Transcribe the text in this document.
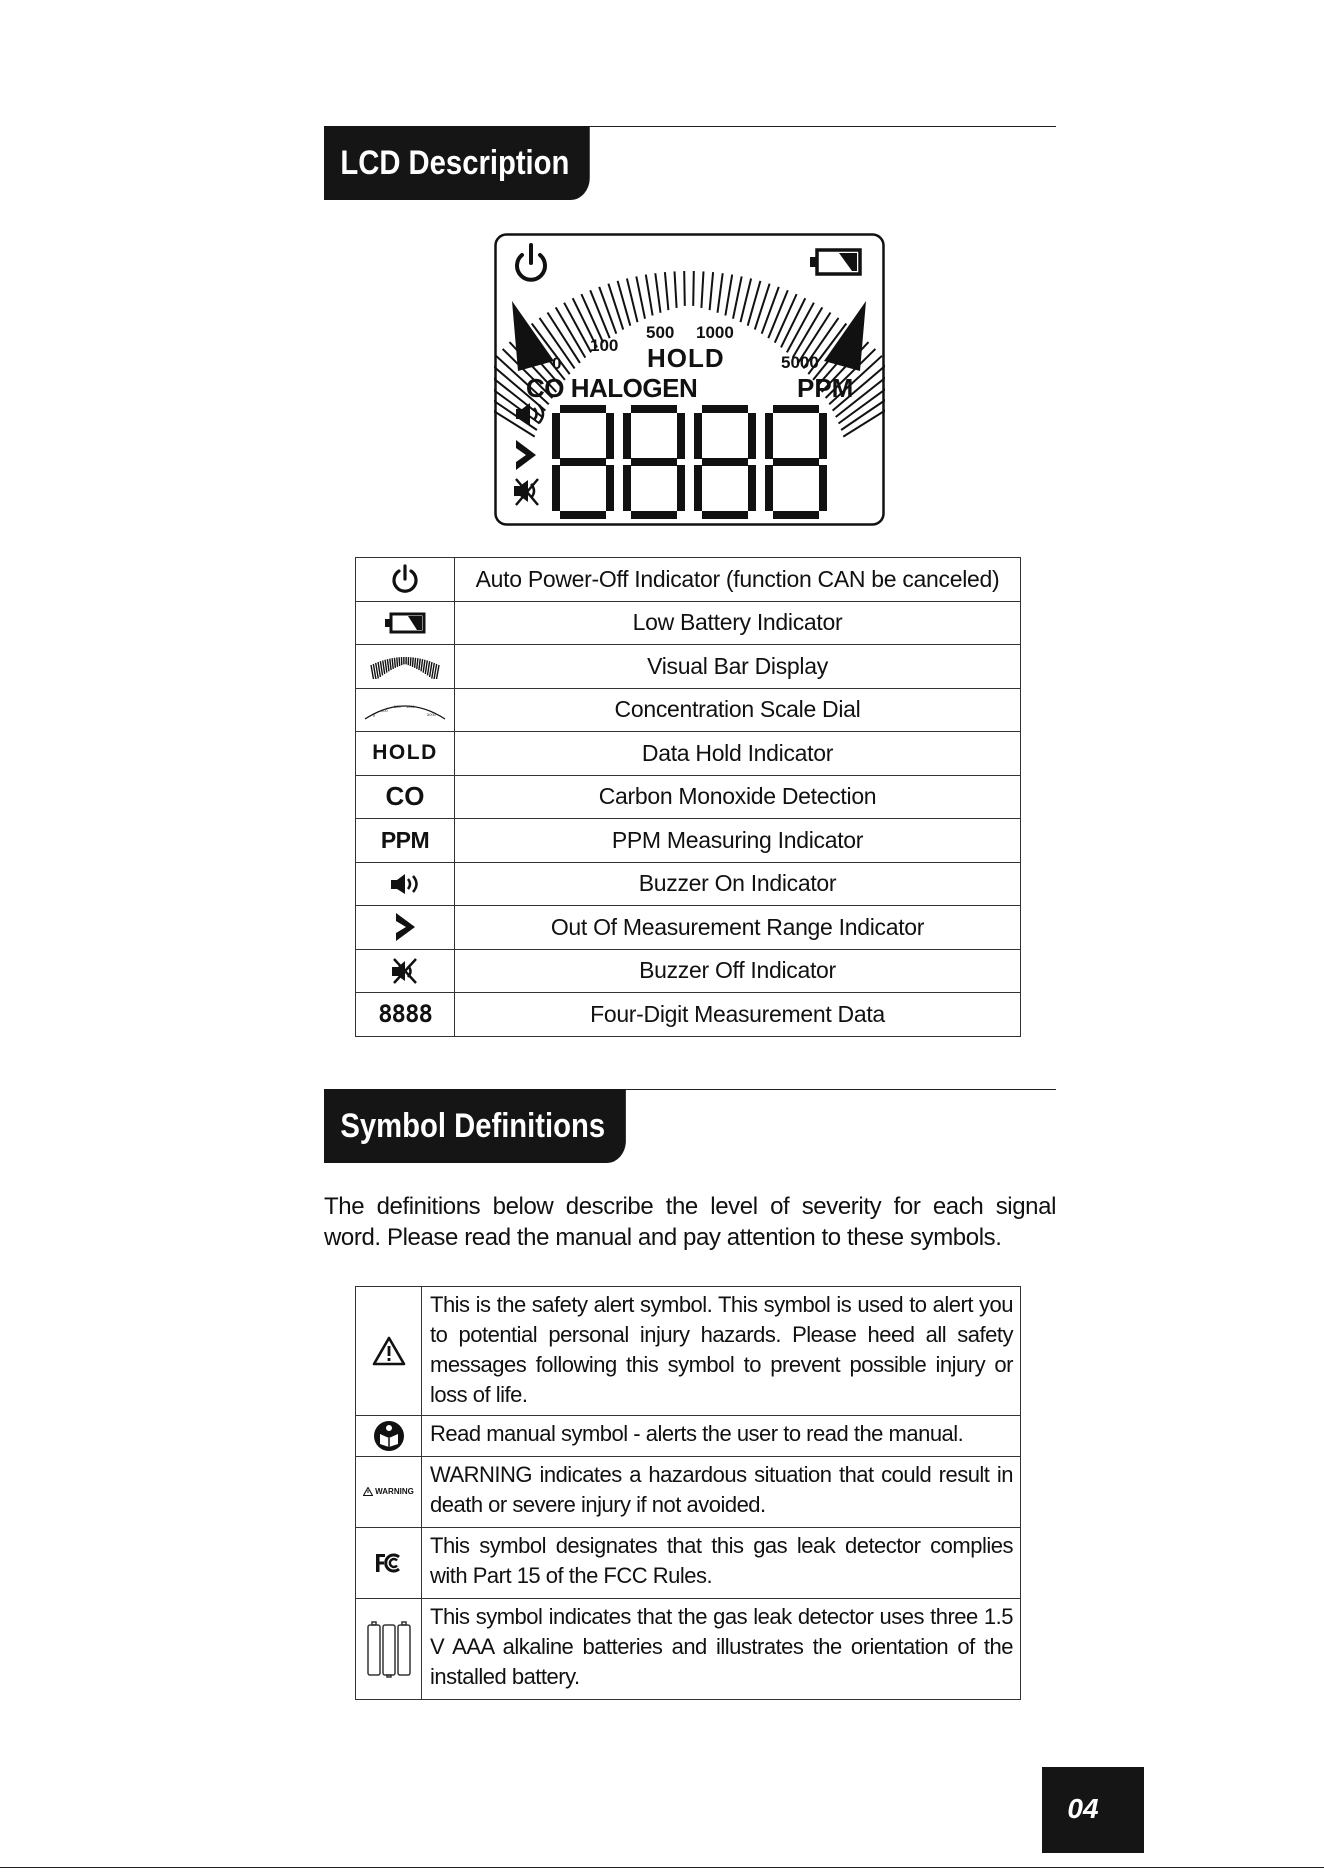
LCD Description
0
100
500 1000
5000
HOLD
CO HALOGEN	PPM
	Auto Power-Off Indicator (function CAN be canceled)

	Low Battery Indicator

	Visual Bar Display

0
100
500 1000
5000	Concentration Scale Dial
HOLD	Data Hold Indicator
CO	Carbon Monoxide Detection
PPM	PPM Measuring Indicator

	Buzzer On Indicator

	Out Of Measurement Range Indicator

	Buzzer Off Indicator
8888	Four-Digit Measurement Data
Symbol Definitions

The definitions below describe the level of severity for each signal word. Please read the manual and pay attention to these symbols.

	This is the safety alert symbol. This symbol is used to alert you to potential personal injury hazards. Please heed all safety messages following this symbol to prevent possible injury or loss of life.

	Read manual symbol - alerts the user to read the manual.

WARNING	WARNING indicates a hazardous situation that could result in death or severe injury if not avoided.

	This symbol designates that this gas leak detector complies with Part 15 of the FCC Rules.

	This symbol indicates that the gas leak detector uses three 1.5 V AAA alkaline batteries and illustrates the orientation of the installed battery.
04
